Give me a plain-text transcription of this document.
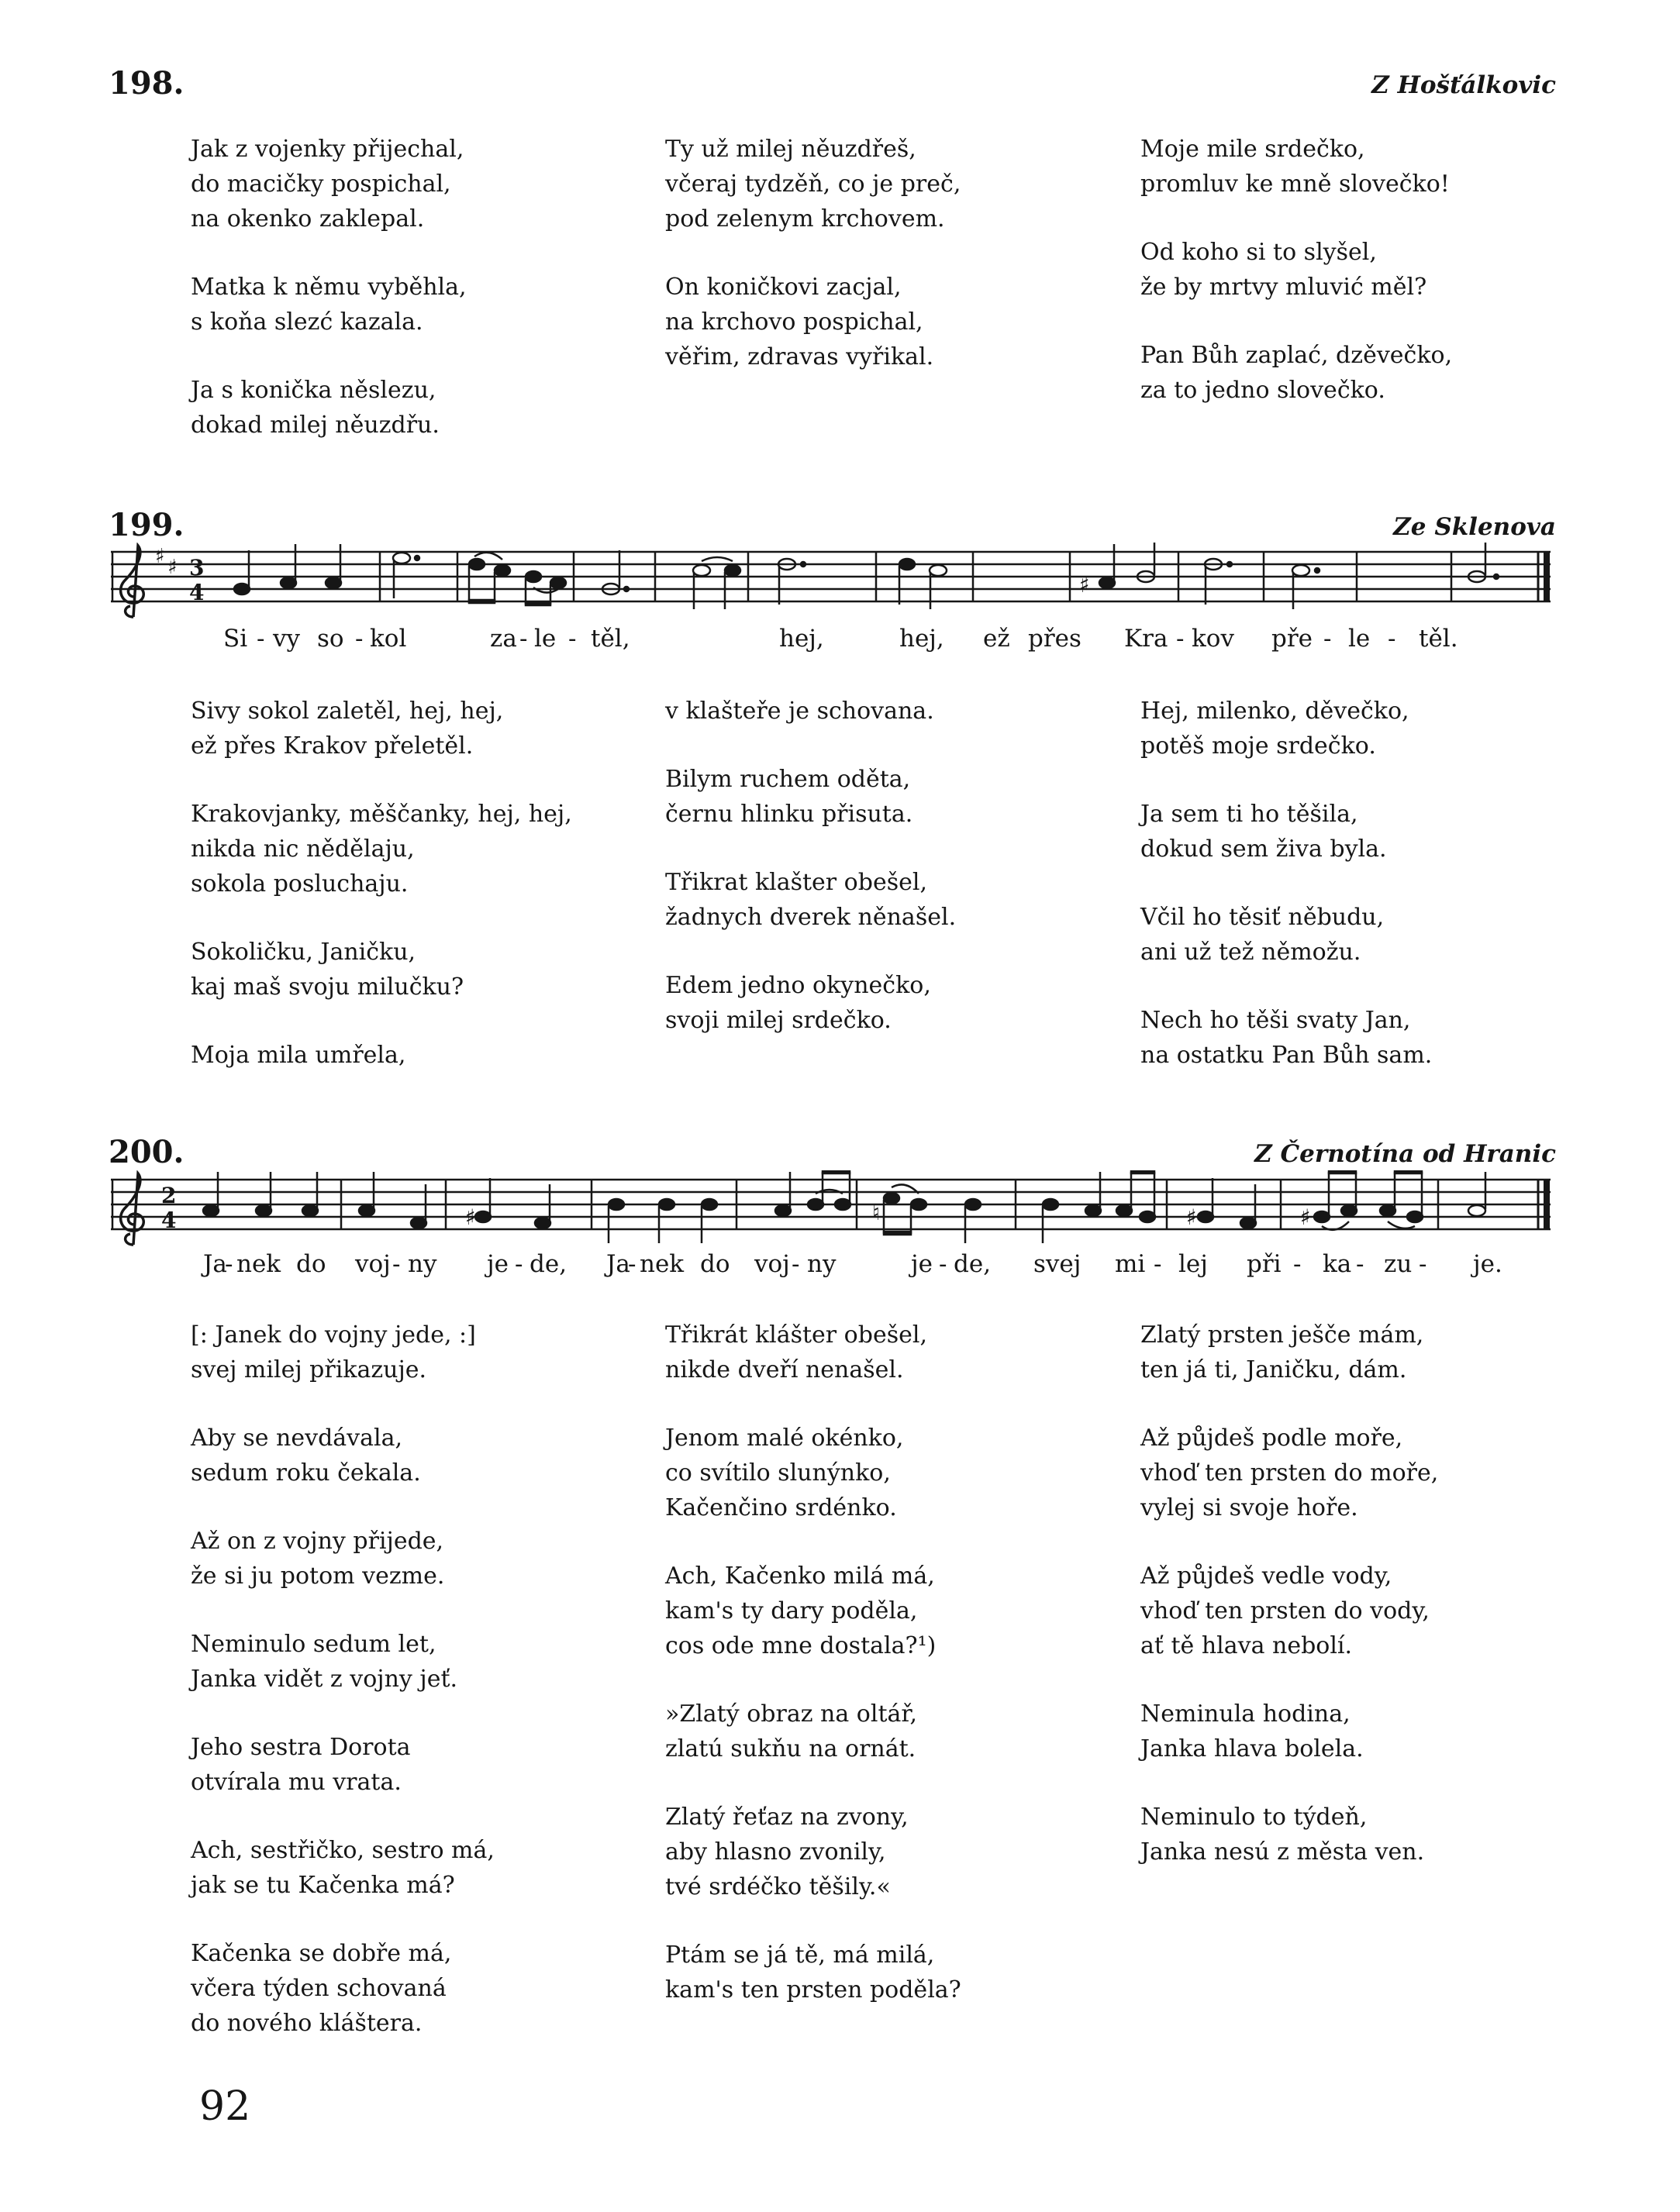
198.	Z Hošťálkovic

Jak z vojenky přijechal,
do macičky pospichal,
na okenko zaklepal.

Matka k němu vyběhla,
s koňa slezć kazala.

Ja s konička něslezu,
dokad milej něuzdřu.

Ty už milej něuzdřeš,
včeraj tydzěň, co je preč,
pod zelenym krchovem.

On koničkovi zacjal,
na krchovo pospichal,
věřim, zdravas vyřikal.

Moje mile srdečko,
promluv ke mně slovečko!

Od koho si to slyšel,
že by mrtvy mluvić měl?

Pan Bůh zaplać, dzěvečko,
za to jedno slovečko.

199.	Ze Sklenova
♯ ♯ 3
4	♯
Si - vy so - kol	za - le - těl,	hej,	hej, ež přes Kra - kov pře - le - těl.

Sivy sokol zaletěl, hej, hej,
ež přes Krakov přeletěl.

Krakovjanky, měščanky, hej, hej,
nikda nic nědělaju,
sokola posluchaju.

Sokoličku, Janičku,
kaj maš svoju milučku?

Moja mila umřela,

v klašteře je schovana.

Bilym ruchem oděta,
černu hlinku přisuta.

Třikrat klašter obešel,
žadnych dverek něnašel.

Edem jedno okynečko,
svoji milej srdečko.

Hej, milenko, děvečko,
potěš moje srdečko.

Ja sem ti ho těšila,
dokud sem živa byla.

Včil ho těsiť něbudu,
ani už tež němožu.

Nech ho těši svaty Jan,
na ostatku Pan Bůh sam.

200.	Z Černotína od Hranic
2
4	♯	♮	♯	♯
Ja
- nek do voj - ny je - de, Ja
- nek do voj - ny	je - de, svej mi - lej při - ka - zu - je.

[: Janek do vojny jede, :]
svej milej přikazuje.

Aby se nevdávala,
sedum roku čekala.

Až on z vojny přijede,
že si ju potom vezme.

Neminulo sedum let,
Janka vidět z vojny jeť.

Jeho sestra Dorota
otvírala mu vrata.

Ach, sestřičko, sestro má,
jak se tu Kačenka má?

Kačenka se dobře má,
včera týden schovaná
do nového kláštera.

Třikrát klášter obešel,
nikde dveří nenašel.

Jenom malé okénko,
co svítilo slunýnko,
Kačenčino srdénko.

Ach, Kačenko milá má,
kam's ty dary poděla,
cos ode mne dostala?¹)

»Zlatý obraz na oltář,
zlatú sukňu na ornát.

Zlatý řeťaz na zvony,
aby hlasno zvonily,
tvé srdéčko těšily.«

Ptám se já tě, má milá,
kam's ten prsten poděla?

Zlatý prsten ješče mám,
ten já ti, Janičku, dám.

Až půjdeš podle moře,
vhoď ten prsten do moře,
vylej si svoje hoře.

Až půjdeš vedle vody,
vhoď ten prsten do vody,
ať tě hlava nebolí.

Neminula hodina,
Janka hlava bolela.

Neminulo to týdeň,
Janka nesú z města ven.

92
